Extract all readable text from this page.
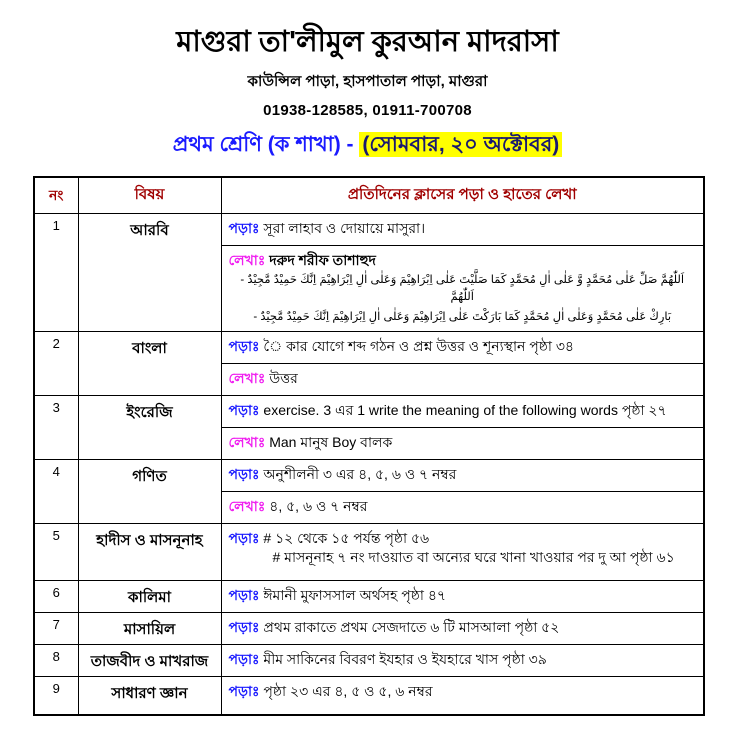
মাগুরা তা'লীমুল কুরআন মাদরাসা
কাউন্সিল পাড়া, হাসপাতাল পাড়া, মাগুরা
01938-128585, 01911-700708
প্রথম শ্রেণি (ক শাখা) - (সোমবার, ২০ অক্টোবর)
নং	বিষয়	প্রতিদিনের ক্লাসের পড়া ও হাতের লেখা
1	আরবি	পড়াঃ সূরা লাহাব ও দোয়ায়ে মাসুরা।

		লেখাঃ দরুদ শরীফ তাশাহুদ
اَللّٰهُمَّ صَلِّ عَلٰى مُحَمَّدٍ وَّ عَلٰى اٰلِ مُحَمَّدٍ كَمَا صَلَّيْتَ عَلٰى اِبْرَاهِيْمَ وَعَلٰى اٰلِ اِبْرَاهِيْمَ اِنَّكَ حَمِيْدٌ مَّجِيْدٌ - اَللّٰهُمَّ
بَارِكْ عَلٰى مُحَمَّدٍ وَعَلٰى اٰلِ مُحَمَّدٍ كَمَا بَارَكْتَ عَلٰى اِبْرَاهِيْمَ وَعَلٰى اٰلِ اِبْرَاهِيْمَ اِنَّكَ حَمِيْدٌ مَّجِيْدٌ -

2	বাংলা	পড়াঃ ◌ৈ কার যোগে শব্দ গঠন ও প্রশ্ন উত্তর ও শূন্যস্থান পৃষ্ঠা ৩৪
		লেখাঃ উত্তর
3	ইংরেজি	পড়াঃ exercise. 3 এর 1 write the meaning of the following words পৃষ্ঠা ২৭
		লেখাঃ Man মানুষ Boy বালক
4	গণিত	পড়াঃ অনুশীলনী ৩ এর ৪, ৫, ৬ ও ৭ নম্বর
		লেখাঃ ৪, ৫, ৬ ও ৭ নম্বর
5	হাদীস ও মাসনূনাহ	পড়াঃ # ১২ থেকে ১৫ পর্যন্ত পৃষ্ঠা ৫৬
# মাসনূনাহ ৭ নং দাওয়াত বা অন্যের ঘরে খানা খাওয়ার পর দু আ পৃষ্ঠা ৬১

6	কালিমা	পড়াঃ ঈমানী মুফাসসাল অর্থসহ পৃষ্ঠা ৪৭
7	মাসায়িল	পড়াঃ প্রথম রাকাতে প্রথম সেজদাতে ৬ টি মাসআলা পৃষ্ঠা ৫২
8	তাজবীদ ও মাখরাজ	পড়াঃ মীম সাকিনের বিবরণ ইযহার ও ইযহারে খাস পৃষ্ঠা ৩৯
9	সাধারণ জ্ঞান	পড়াঃ পৃষ্ঠা ২৩ এর ৪, ৫ ও ৫, ৬ নম্বর
